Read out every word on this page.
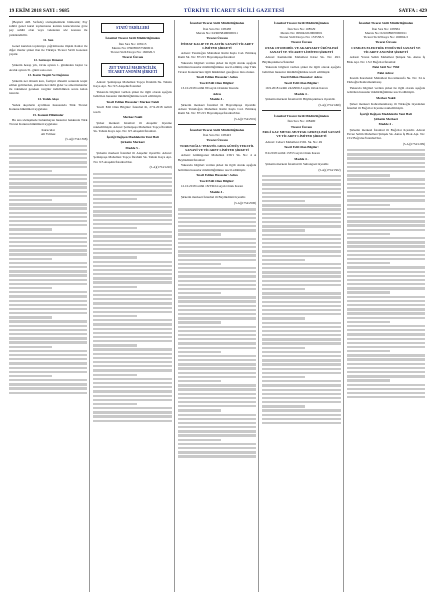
19 EKİM 2018 SAYI : 9685	TÜRKİYE TİCARET SİCİLİ GAZETESİ	SAYFA : 429
(Beşinci 428. Sırfada) sözleşmemizin bitmesini; Pay sahibi genel kurul toplantısına katılan kurucularına göre pay sahibi olan veya vekaleten söz konusu ile yetkilendirilir.
11. Sun
Genel kurulun toplantıya çağrılmasına ilişkin ilanlar ile diğer ilanlar şirket ilan ile Türkiye Ticaret Sicili Gazetesi yapılır.
12. Sermaye Dönemi
Şirketin hesap yılı, Ocak ayının 1. gününden başlar ve Aralık ayının 31. günü sona erer.
13. Karın Tespiti Ve Dağıtımı
Şirketin net dönem karı, faaliyet dönemi sonunda tespit edilen gelirlerden, şirketin her türlü gider ve amortismanlar ile ödenmesi gereken vergiler indirildikten sonra kalan tutardır.
14. Yedek Akçe
Yedek akçelerin ayrılması hususunda Türk Ticaret Kanunu hükümleri uygulanır.
15. Kanuni Hükümler
Bu ana sözleşmede bulunmayan hususlar hakkında Türk Ticaret Kanunu hükümleri uygulanır.
Kurucular
Ali Yılmaz
(5-A)(1754/1598)
STATÜ TADİLLERİ
İstanbul Ticaret Sicili Müdürlüğünden
İlan Sıra No: 108113
Mersis No: 0590856375600011
Ticaret Sicil/Dosya No: 160026-5
Ticaret Ünvanı
ZET TAVELİ MADENCİLİK TİCARET ANONİM ŞİRKETİ
Adresi: Şemsipaşa Mahallesi Topçu İbrahim Sk. Tahsin Kaya Apt. No: 9/5 Alaşehir/İstanbul
Yukarıda bilgileri verilen şirket ile ilgili olarak aşağıda belirtilen hususlar müdürlüğümüze tescil edilmiştir.
Tescil Edilen Hususlar: Merkez Nakli
Tescil Edil Olan Bilgiler: İstanbul ili, 27.9.2018 tarihli tescil.
Merkez Nakli
Şirket merkezi Istanbul ili Ataşehir ilçesine nakledilmiştir. Adresi: Şemsipaşa Mahallesi Topçu İbrahim Sk. Tahsin Kaya Apt. No: 9/5 Alaşehir/İstanbul.
İçeriği Değişen Maddelerin Yeni Hali
Şirketin Merkezi
Madde 5 -
Şirketin merkezi İstanbul ili Ataşehir ilçesi'dir. Adresi: Şemsipaşa Mahallesi Topçu İbrahim Sk. Tahsin Kaya Apt. No: 9/5 Ataşehir/İstanbul'dur.
(5-A)(1754/1220)
İstanbul Ticaret Sicili Müdürlüğünden
İlan Sıra No: 108438
Mersis No: 0430058496900011
Ticaret Ünvanı
İTİMAT KALIP VE PLASTİK SANAYİ TİCARET LİMİTED ŞİRKETİ
Adresi: Yenidoğan Mahallesi Rami Kışla Cad. Emintaş Rami Sit. No: 87/215 Bayrampaşa/İstanbul
Yukarıda bilgileri verilen şirket ile ilgili olarak aşağıda belirtilen hususlar müdürlüğümüze tescil edilmiş olup Türk Ticaret Kanunu'nun ilgili hükümleri gereğince ilan olunur.
Tescil Edilen Hususlar: Adres
Tescil Edil Olan Bilgiler:
13.10.2018 tarihli 89 sayılı Ortaklar Kurulu
Adres
Madde 4 -
Şirketin merkezi İstanbul ili Bayrampaşa ilçesidir. Adresi Yenidoğan Mahallesi Rami Kışla Cad. Emintaş Rami Sit. No: 87/215 Bayrampaşa/İstanbul'dur.
(5-A)(1754/2501)
İstanbul Ticaret Sicili Müdürlüğünden
İlan Sıra No: 108423
Ticaret Ünvanı
TORUNOĞLU TEKSTİL GIDA GÜMÜŞ TEKSTİL SANAYİ VE TİCARET LİMİTED ŞİRKETİ
Adresi: Gümüşpınar Mahallesi 239/1 Sk. No: 4 A Beylikdüzü/İstanbul
Yukarıda bilgileri verilen şirket ile ilgili olarak aşağıda belirtilen hususlar müdürlüğümüze tescil edilmiştir.
Tescil Edilen Hususlar: Adres
Tescil Edil Olan Bilgiler:
12.10.2018 tarihli 18/33024 sayılı Ortak Kararı
Madde 4 -
Şirketin merkezi İstanbul ili Beylikdüzü ilçesidir.
(5-A)(1754/2500)
İstanbul Ticaret Sicili Müdürlüğünden
İlan Sıra No: 108529
Mersis No: 0090424529000001
Ticaret Sicil/Dosya No: 153558-5
Ticaret Ünvanı
OTAK OTOMOBİL VE AKARYAKIT ÜRÜNLERİ SANAYİ VE TİCARET LİMİTED ŞİRKETİ
Adresi: Kemalettin Mahallesi Kiraz Sk. No: 49/1 Büyükçekmece/İstanbul
Yukarıda bilgileri verilen şirket ile ilgili olarak aşağıda belirtilen hususlar müdürlüğümüze tescil edilmiştir.
Tescil Edilen Hususlar: Adres
Tescil Edil Olan Bilgiler:
19.9.2018 tarihli 2422990-3 sayılı Ortak Kararı
Madde 4 -
Şirketin merkezi İstanbul ili Büyükçekmece ilçesidir.
(5-A)(1754/1499)
İstanbul Ticaret Sicili Müdürlüğünden
İlan Sıra No: 108400
Ticaret Ünvanı
ERGİ GAZ METAL MUTFAK GEREÇLERİ SANAYİ VE TİCARET LİMİTED ŞİRKETİ
Adresi: Cebeci Mahallesi 2592. Sk. No: 49
Tescil Edil Olan Bilgiler:
8.9.2018 tarihli 13353 sayılı Ortak Kararı
Madde 4 -
Şirketin merkezi İstanbul ili Sultangazi ilçesidir.
(5-A)(1754/1502)
İstanbul Ticaret Sicili Müdürlüğünden
İlan Sıra No: 108384
Mersis No: 0210089670000011
Ticaret Sicil/Dosya No: 160064-5
Ticaret Ünvanı
CUMGES ELEKTRİK ENDÜSTRİ SANAYİ VE TİCARET ANONİM ŞİRKETİ
Adresi: Yavuz Selim Mahallesi Şimşek Sk. Aktas İş Blok Apt. No: 13/2 Bağcılar/İstanbul
Ekki Sicil No: 7960
Ekki Adres:
Kazım Karabekir Mahallesi Kocamustafa Sk. No: 34 A Türkoğlu/Kahramanmaraş
Yukarıda bilgileri verilen şirket ile ilgili olarak aşağıda belirtilen hususlar müdürlüğümüze tescil edilmiştir.
Merkez Nakli
Şirket merkezi Kahramanmaraş ili Türkoğlu ilçesinden İstanbul ili Bağcılar ilçesine nakledilmiştir.
İçeriği Değişen Maddelerin Yeni Hali
Şirketin Merkezi
Madde 4 -
Şirketin merkezi İstanbul ili Bağcılar ilçesidir. Adresi Yavuz Selim Mahallesi Şimşek Sk. Aktas İş Blok Apt. No: 13/2 Bağcılar/İstanbul'dur.
(5-A)(1754/1299)
